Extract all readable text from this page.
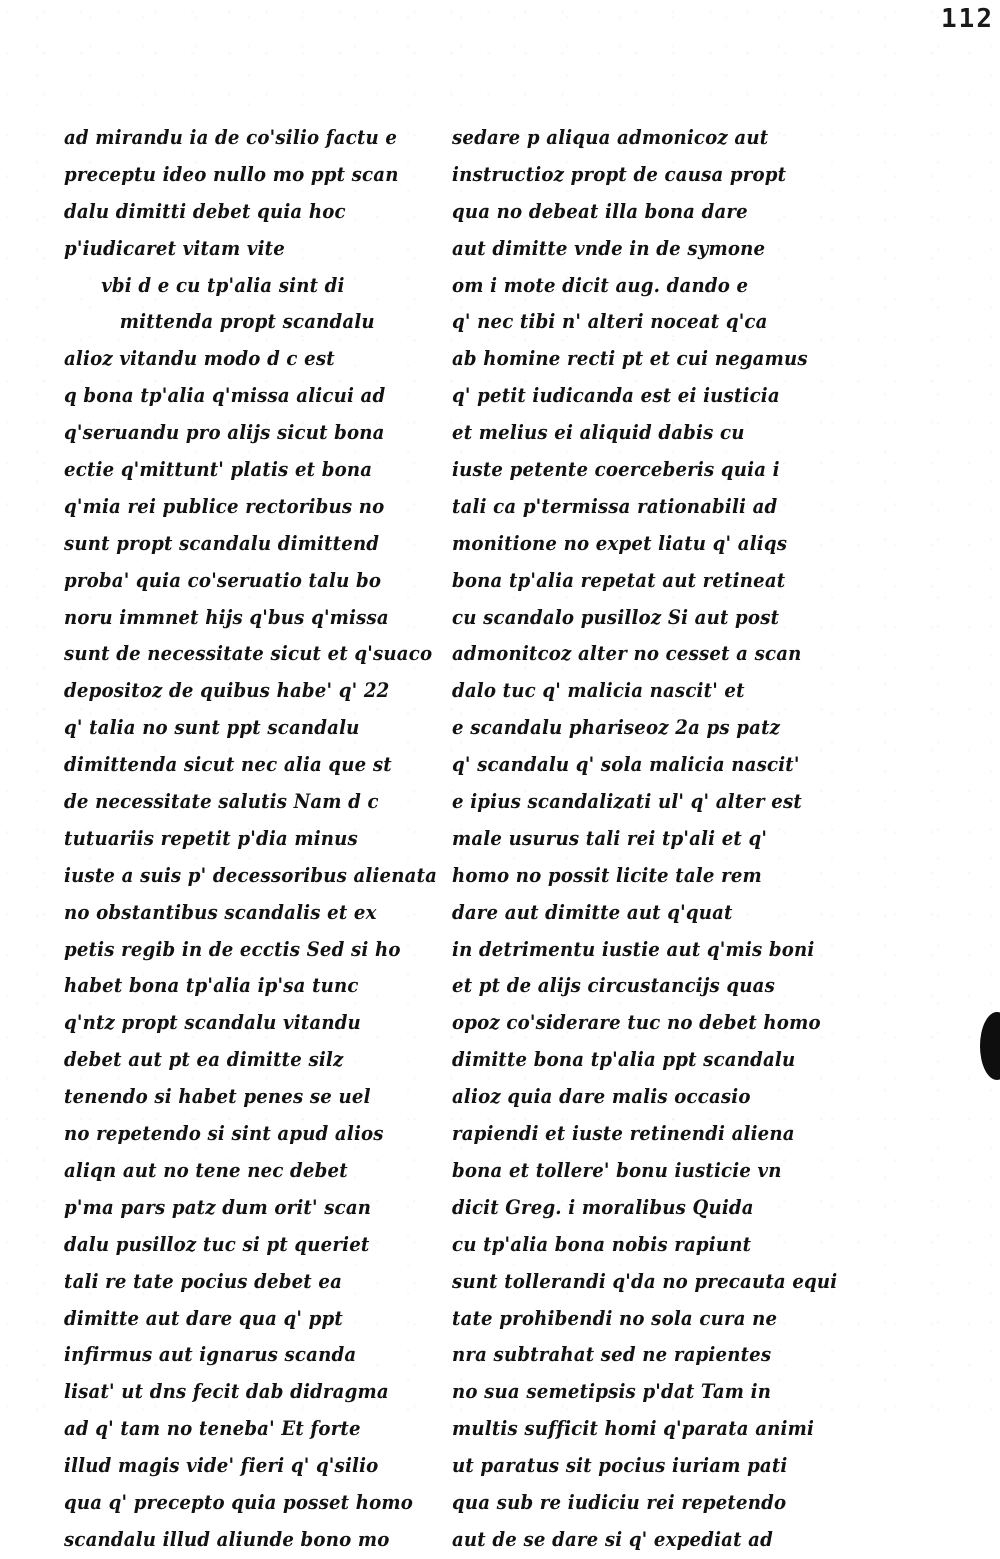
112
ad mirandu ia de co'silio factu e
preceptu ideo nullo mo ppt scan
dalu dimitti debet quia hoc
p'iudicaret vitam vite
vbi d e cu tp'alia sint di
mittenda propt scandalu
alioz vitandu modo d c est
q bona tp'alia q'missa alicui ad
q'seruandu pro alijs sicut bona
ectie q'mittunt' platis et bona
q'mia rei publice rectoribus no
sunt propt scandalu dimittend
proba' quia co'seruatio talu bo
noru immnet hijs q'bus q'missa
sunt de necessitate sicut et q'suaco
depositoz de quibus habe' q' 22
q' talia no sunt ppt scandalu
dimittenda sicut nec alia que st
de necessitate salutis Nam d c
tutuariis repetit p'dia minus
iuste a suis p' decessoribus alienata
no obstantibus scandalis et ex
petis regib in de ecctis Sed si ho
habet bona tp'alia ip'sa tunc
q'ntz propt scandalu vitandu
debet aut pt ea dimitte silz
tenendo si habet penes se uel
no repetendo si sint apud alios
aliqn aut no tene nec debet
p'ma pars patz dum orit' scan
dalu pusilloz tuc si pt queriet
tali re tate pocius debet ea
dimitte aut dare qua q' ppt
infirmus aut ignarus scanda
lisat' ut dns fecit dab didragma
ad q' tam no teneba' Et forte
illud magis vide' fieri q' q'silio
qua q' precepto quia posset homo
scandalu illud aliunde bono mo
sedare p aliqua admonicoz aut
instructioz propt de causa propt
qua no debeat illa bona dare
aut dimitte vnde in de symone
om i mote dicit aug. dando e
q' nec tibi n' alteri noceat q'ca
ab homine recti pt et cui negamus
q' petit iudicanda est ei iusticia
et melius ei aliquid dabis cu
iuste petente coerceberis quia i
tali ca p'termissa rationabili ad
monitione no expet liatu q' aliqs
bona tp'alia repetat aut retineat
cu scandalo pusilloz Si aut post
admonitcoz alter no cesset a scan
dalo tuc q' malicia nascit' et
e scandalu phariseoz 2a ps patz
q' scandalu q' sola malicia nascit'
e ipius scandalizati ul' q' alter est
male usurus tali rei tp'ali et q'
homo no possit licite tale rem
dare aut dimitte aut q'quat
in detrimentu iustie aut q'mis boni
et pt de alijs circustancijs quas
opoz co'siderare tuc no debet homo
dimitte bona tp'alia ppt scandalu
alioz quia dare malis occasio
rapiendi et iuste retinendi aliena
bona et tollere' bonu iusticie vn
dicit Greg. i moralibus Quida
cu tp'alia bona nobis rapiunt
sunt tollerandi q'da no precauta equi
tate prohibendi no sola cura ne
nra subtrahat sed ne rapientes
no sua semetipsis p'dat Tam in
multis sufficit homi q'parata animi
ut paratus sit pocius iuriam pati
qua sub re iudiciu rei repetendo
aut de se dare si q' expediat ad
